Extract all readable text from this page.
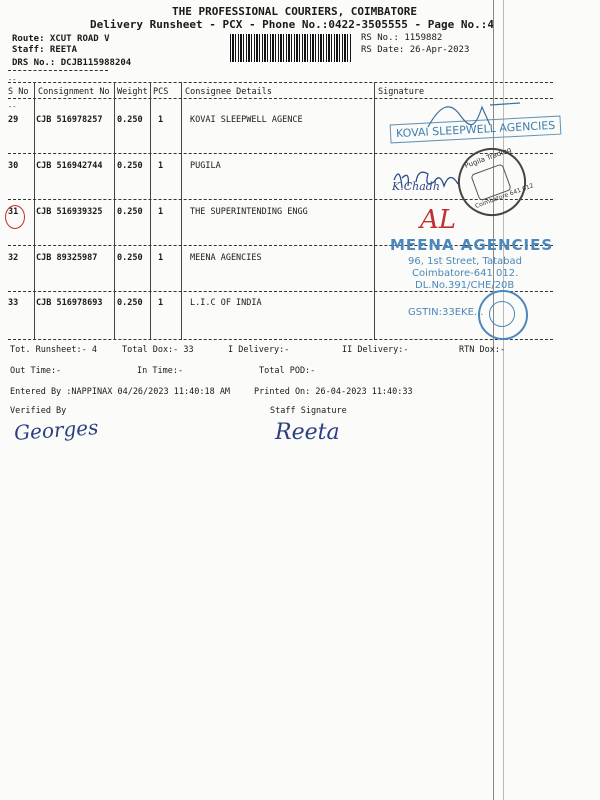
THE PROFESSIONAL COURIERS, COIMBATORE
Delivery Runsheet - PCX - Phone No.:0422-3505555 - Page No.:4
Route: XCUT ROAD V
Staff: REETA
DRS No.: DCJB115988204
RS No.: 1159882
RS Date: 26-Apr-2023
--
S No Consignment No Weight PCS Consignee Details	Signature
--
29 CJB 516978257 0.250 1	KOVAI SLEEPWELL AGENCE
30 CJB 516942744 0.250 1	PUGILA
31 CJB 516939325 0.250 1	THE SUPERINTENDING ENGG
32 CJB 89325987 0.250 1	MEENA AGENCIES
33 CJB 516978693 0.250 1	L.I.C OF INDIA
KOVAI SLEEPWELL AGENCIES
K.Chadh
Pugila Trading
Coimbatore 641 012
AL
MEENA AGENCIES
96, 1st Street, Tatabad
Coimbatore-641 012.
DL.No.391/CHE/20B
GSTIN:33EKE...
Tot. Runsheet:- 4	Total Dox:- 33	I Delivery:-	II Delivery:-	RTN Dox:-
Out Time:-	In Time:-	Total POD:-
Entered By :NAPPINAX 04/26/2023 11:40:18 AM	Printed On: 26-04-2023 11:40:33
Verified By	Staff Signature
Georges	Reeta
